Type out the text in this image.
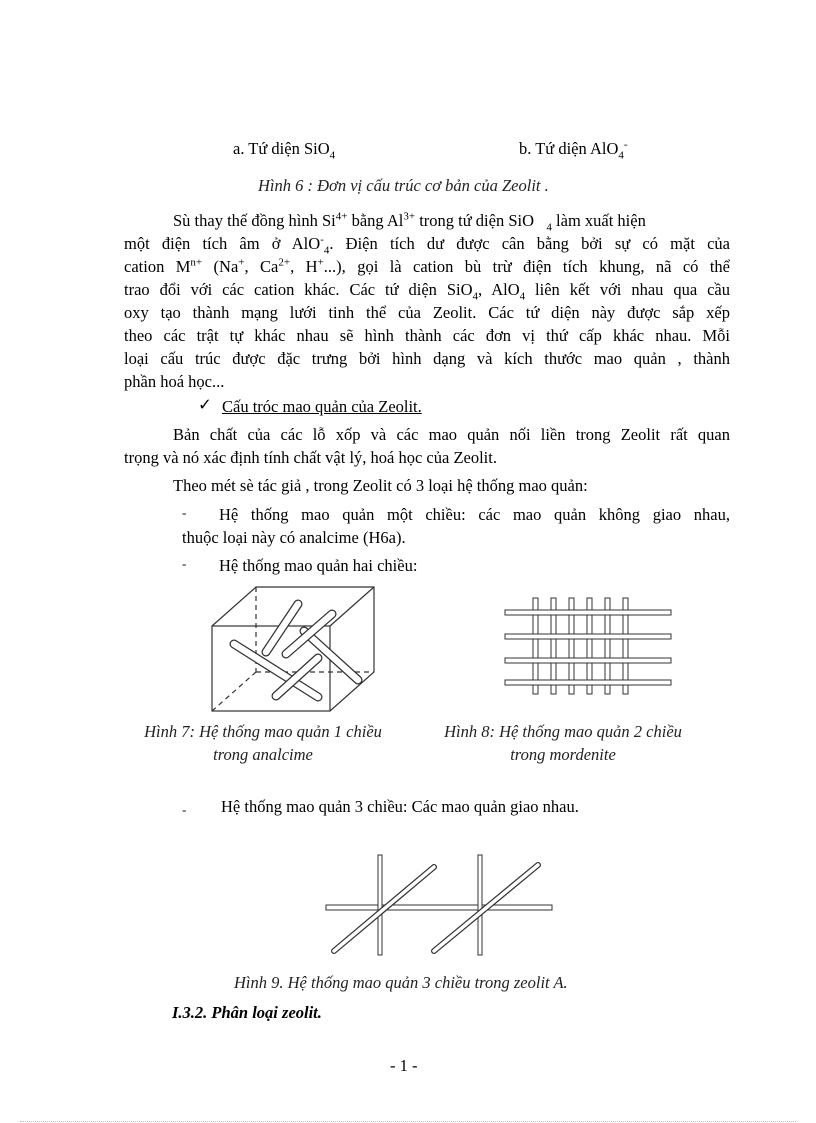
a. Tứ diện SiO$_4$	b. Tứ diện AlO$_4$-
Hình 6 : Đơn vị cấu trúc cơ bản của Zeolit .
Sù thay thế đồng hình $Si^{4+}$ bằng $Al^{3+}$ trong tứ diện SiO $_4$ làm xuất hiện
một điện tích âm ở AlO-$_4$. Điện tích dư được cân bằng bởi sự có mặt của
cation $M^{n+}$ (Na+, $Ca^{2+}$, H+...), gọi là cation bù trừ điện tích khung, nã có thể
trao đổi với các cation khác. Các tứ diện SiO$_4$, AlO$_4$ liên kết với nhau qua cầu
oxy tạo thành mạng lưới tinh thể của Zeolit. Các tứ diện này được sắp xếp
theo các trật tự khác nhau sẽ hình thành các đơn vị thứ cấp khác nhau. Mỗi
loại cấu trúc được đặc trưng bởi hình dạng và kích thước mao quản , thành
phần hoá học...
✓ Cấu tróc mao quản của Zeolit.
Bản chất của các lỗ xốp và các mao quản nối liền trong Zeolit rất quan
trọng và nó xác định tính chất vật lý, hoá học của Zeolit.
Theo mét sè tác giả , trong Zeolit có 3 loại hệ thống mao quản:
- Hệ thống mao quản một chiều: các mao quản không giao nhau,
thuộc loại này có analcime (H6a).
- Hệ thống mao quản hai chiều:
Hình 7: Hệ thống mao quản 1 chiều
trong analcime
Hình 8: Hệ thống mao quản 2 chiều
trong mordenite
- Hệ thống mao quản 3 chiều: Các mao quản giao nhau.
Hình 9. Hệ thống mao quản 3 chiều trong zeolit A.
I.3.2. Phân loại zeolit.
- 1 -
